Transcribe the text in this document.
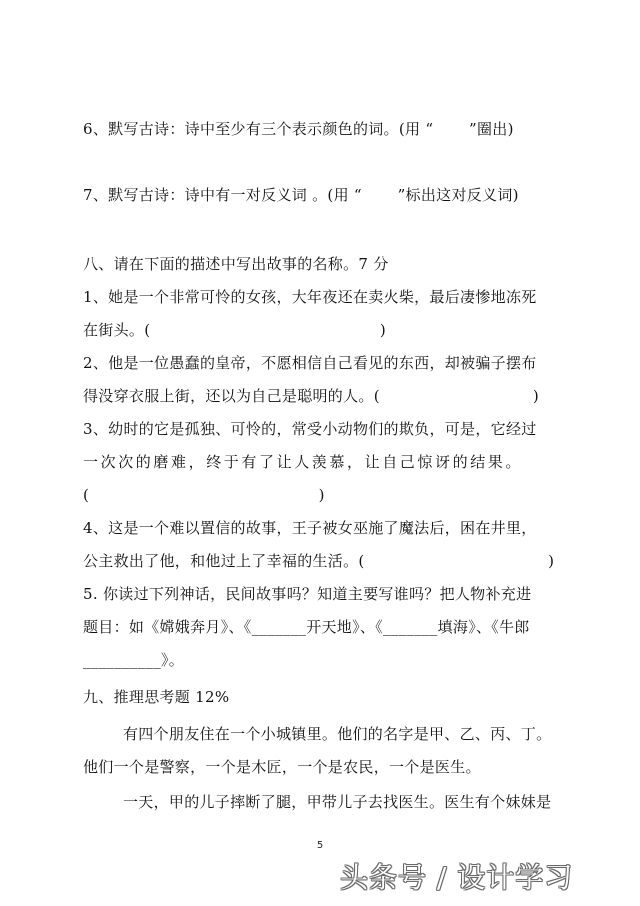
6、默写古诗：诗中至少有三个表示颜色的词。(用 “　　 ”圈出)
7、默写古诗：诗中有一对反义词 。(用 “　　 ”标出这对反义词)
八、请在下面的描述中写出故事的名称。7 分
1、她是一个非常可怜的女孩，大年夜还在卖火柴，最后凄惨地冻死
在街头。(　　　　　　　　　　　　　　　)
2、他是一位愚蠢的皇帝，不愿相信自己看见的东西，却被骗子摆布
得没穿衣服上街，还以为自己是聪明的人。(　　　　　　　　　　)
3、幼时的它是孤独、可怜的，常受小动物们的欺负，可是，它经过
一次次的磨难，终于有了让人羡慕，让自己惊讶的结果。
(　　　　　　　　　　　　　　　)
4、这是一个难以置信的故事，王子被女巫施了魔法后，困在井里，
公主救出了他，和他过上了幸福的生活。(　　　　　　　　　　　　)
5. 你读过下列神话，民间故事吗？知道主要写谁吗？把人物补充进
题目：如《嫦娥奔月》、《_______开天地》、《_______填海》、《牛郎
__________》。
九、推理思考题 12%
有四个朋友住在一个小城镇里。他们的名字是甲、乙、丙、丁。
他们一个是警察，一个是木匠，一个是农民，一个是医生。
一天，甲的儿子摔断了腿，甲带儿子去找医生。医生有个妹妹是
5
头条号 / 设计学习
